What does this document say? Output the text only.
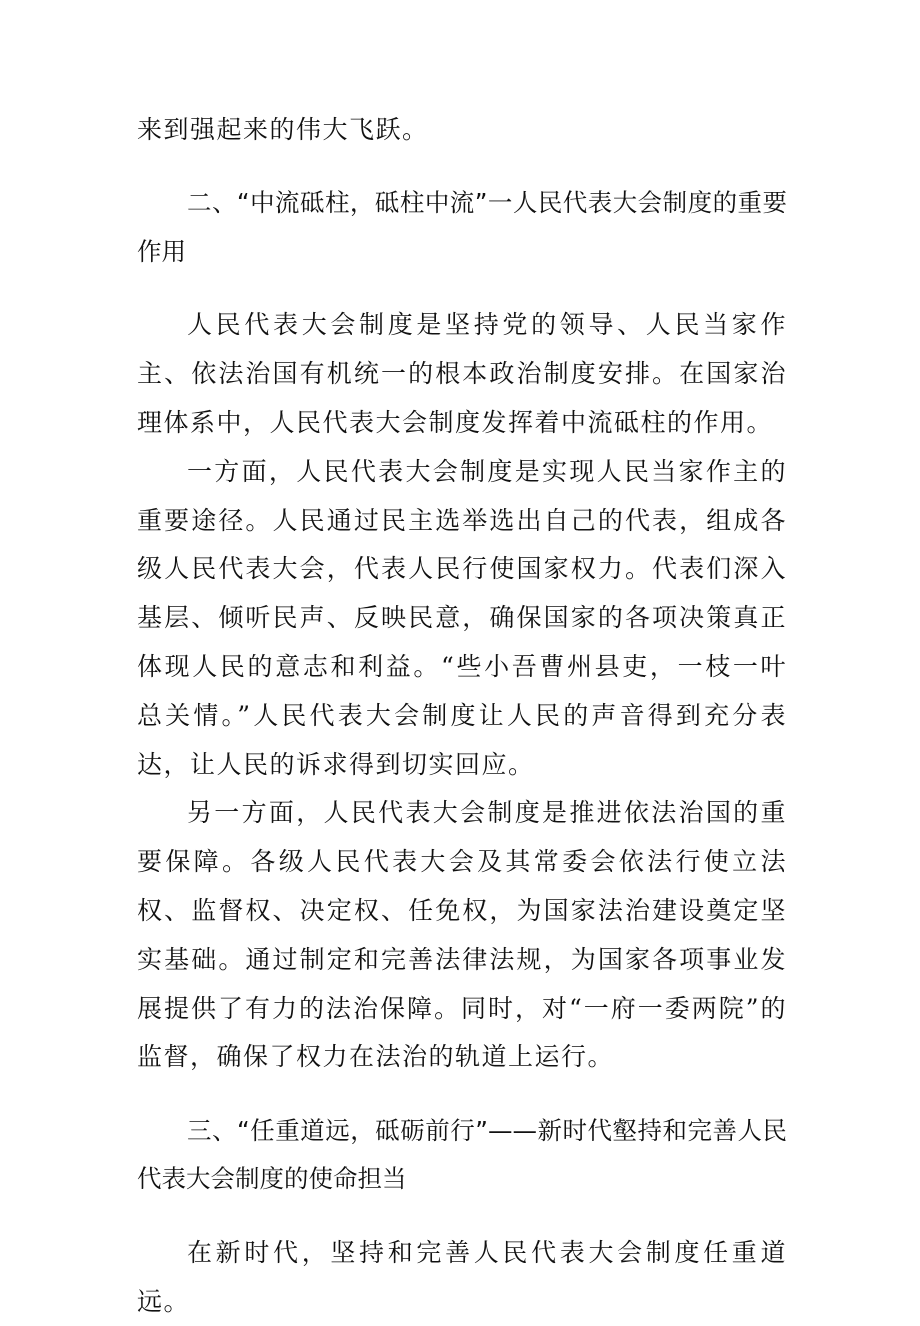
来到强起来的伟大飞跃。

二、“中流砥柱，砥柱中流”一人民代表大会制度的重要作用

人民代表大会制度是坚持党的领导、人民当家作主、依法治国有机统一的根本政治制度安排。在国家治理体系中，人民代表大会制度发挥着中流砥柱的作用。

一方面，人民代表大会制度是实现人民当家作主的重要途径。人民通过民主选举选出自己的代表，组成各级人民代表大会，代表人民行使国家权力。代表们深入基层、倾听民声、反映民意，确保国家的各项决策真正体现人民的意志和利益。“些小吾曹州县吏，一枝一叶总关情。”人民代表大会制度让人民的声音得到充分表达，让人民的诉求得到切实回应。

另一方面，人民代表大会制度是推进依法治国的重要保障。各级人民代表大会及其常委会依法行使立法权、监督权、决定权、任免权，为国家法治建设奠定坚实基础。通过制定和完善法律法规，为国家各项事业发展提供了有力的法治保障。同时，对“一府一委两院”的监督，确保了权力在法治的轨道上运行。

三、“任重道远，砥砺前行”——新时代壑持和完善人民代表大会制度的使命担当

在新时代，坚持和完善人民代表大会制度任重道远。
